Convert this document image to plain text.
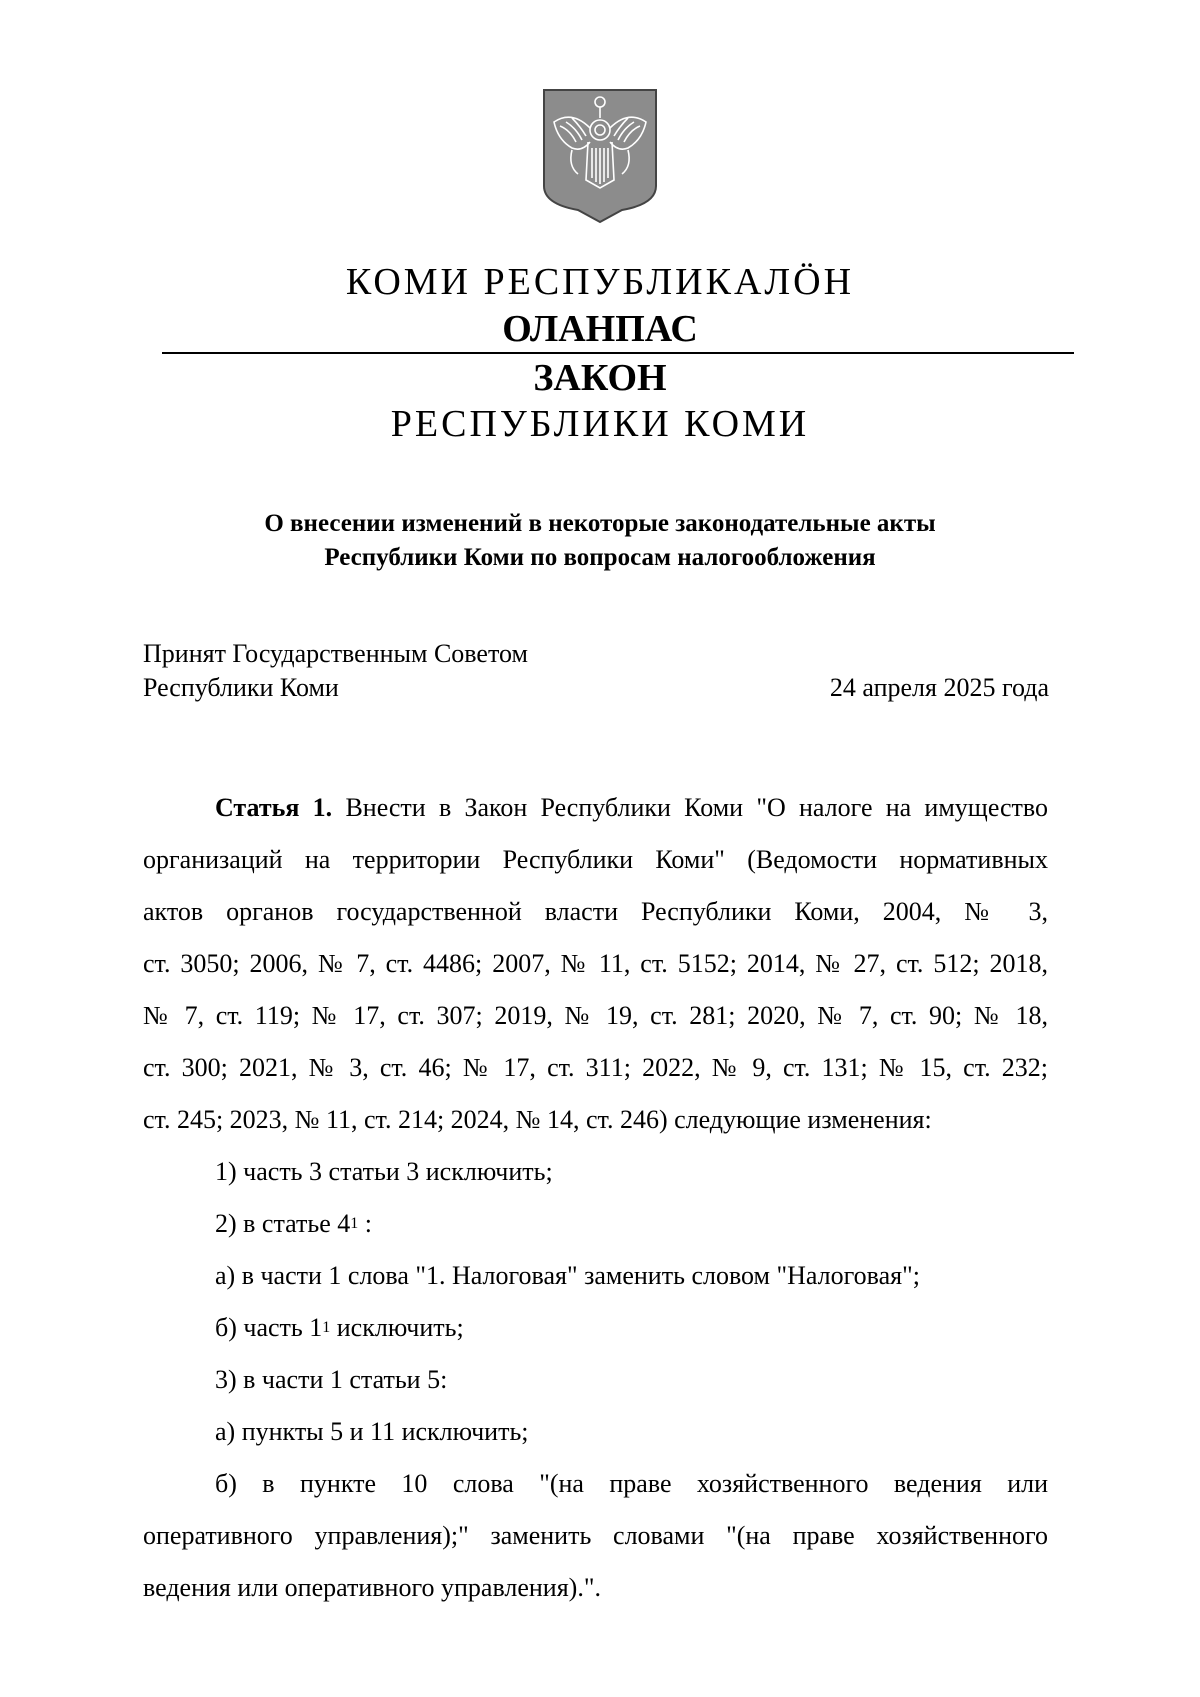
КОМИ РЕСПУБЛИКАЛÖН
ОЛАНПАС
ЗАКОН
РЕСПУБЛИКИ КОМИ
О внесении изменений в некоторые законодательные акты
Республики Коми по вопросам налогообложения
Принят Государственным Советом
Республики Коми	24 апреля 2025 года
Статья 1. Внести в Закон Республики Коми "О налоге на имущество
организаций на территории Республики Коми" (Ведомости нормативных
актов органов государственной власти Республики Коми, 2004, № 3,
ст. 3050; 2006, № 7, ст. 4486; 2007, № 11, ст. 5152; 2014, № 27, ст. 512; 2018,
№ 7, ст. 119; № 17, ст. 307; 2019, № 19, ст. 281; 2020, № 7, ст. 90; № 18,
ст. 300; 2021, № 3, ст. 46; № 17, ст. 311; 2022, № 9, ст. 131; № 15, ст. 232;
ст. 245; 2023, № 11, ст. 214; 2024, № 14, ст. 246) следующие изменения:
1) часть 3 статьи 3 исключить;
2) в статье $4^1$ :
а) в части 1 слова "1. Налоговая" заменить словом "Налоговая";
б) часть $1^1$ исключить;
3) в части 1 статьи 5:
а) пункты 5 и 11 исключить;
б) в пункте 10 слова "(на праве хозяйственного ведения или
оперативного управления);" заменить словами "(на праве хозяйственного
ведения или оперативного управления).".
